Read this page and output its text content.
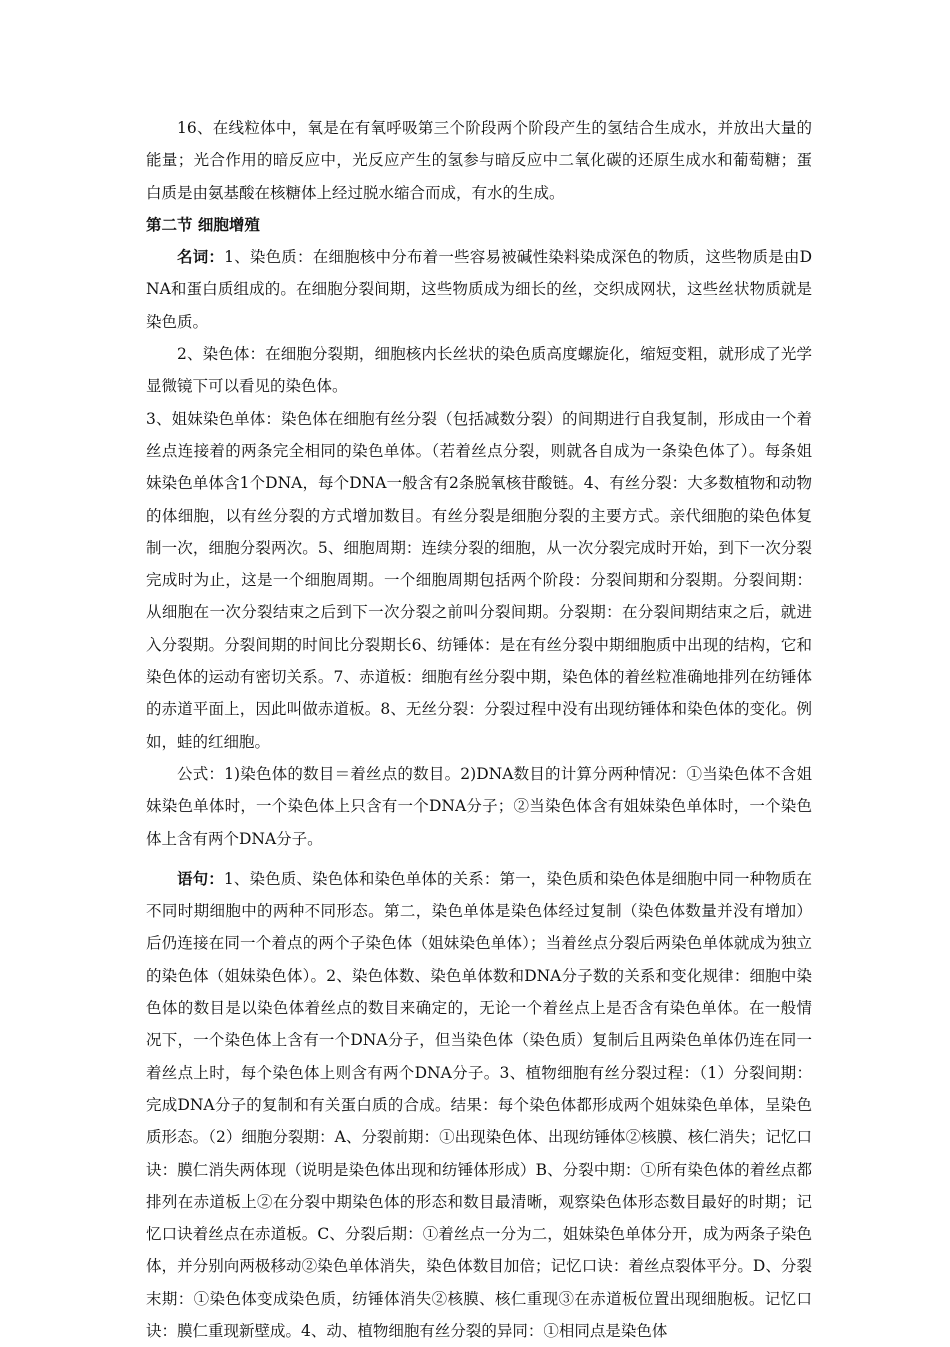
16、在线粒体中，氧是在有氧呼吸第三个阶段两个阶段产生的氢结合生成水，并放出大量的能量；光合作用的暗反应中，光反应产生的氢参与暗反应中二氧化碳的还原生成水和葡萄糖；蛋白质是由氨基酸在核糖体上经过脱水缩合而成，有水的生成。

第二节 细胞增殖

名词：1、染色质：在细胞核中分布着一些容易被碱性染料染成深色的物质，这些物质是由DNA和蛋白质组成的。在细胞分裂间期，这些物质成为细长的丝，交织成网状，这些丝状物质就是染色质。

2、染色体：在细胞分裂期，细胞核内长丝状的染色质高度螺旋化，缩短变粗，就形成了光学显微镜下可以看见的染色体。

3、姐妹染色单体：染色体在细胞有丝分裂（包括减数分裂）的间期进行自我复制，形成由一个着丝点连接着的两条完全相同的染色单体。（若着丝点分裂，则就各自成为一条染色体了）。每条姐妹染色单体含1个DNA，每个DNA一般含有2条脱氧核苷酸链。4、有丝分裂：大多数植物和动物的体细胞，以有丝分裂的方式增加数目。有丝分裂是细胞分裂的主要方式。亲代细胞的染色体复制一次，细胞分裂两次。5、细胞周期：连续分裂的细胞，从一次分裂完成时开始，到下一次分裂完成时为止，这是一个细胞周期。一个细胞周期包括两个阶段：分裂间期和分裂期。分裂间期：从细胞在一次分裂结束之后到下一次分裂之前叫分裂间期。分裂期：在分裂间期结束之后，就进入分裂期。分裂间期的时间比分裂期长6、纺锤体：是在有丝分裂中期细胞质中出现的结构，它和染色体的运动有密切关系。7、赤道板：细胞有丝分裂中期，染色体的着丝粒准确地排列在纺锤体的赤道平面上，因此叫做赤道板。8、无丝分裂：分裂过程中没有出现纺锤体和染色体的变化。例如，蛙的红细胞。

公式：1)染色体的数目＝着丝点的数目。2)DNA数目的计算分两种情况：①当染色体不含姐妹染色单体时，一个染色体上只含有一个DNA分子；②当染色体含有姐妹染色单体时，一个染色体上含有两个DNA分子。

语句：1、染色质、染色体和染色单体的关系：第一，染色质和染色体是细胞中同一种物质在不同时期细胞中的两种不同形态。第二，染色单体是染色体经过复制（染色体数量并没有增加）后仍连接在同一个着点的两个子染色体（姐妹染色单体）；当着丝点分裂后两染色单体就成为独立的染色体（姐妹染色体）。2、染色体数、染色单体数和DNA分子数的关系和变化规律：细胞中染色体的数目是以染色体着丝点的数目来确定的，无论一个着丝点上是否含有染色单体。在一般情况下，一个染色体上含有一个DNA分子，但当染色体（染色质）复制后且两染色单体仍连在同一着丝点上时，每个染色体上则含有两个DNA分子。3、植物细胞有丝分裂过程：（1）分裂间期：完成DNA分子的复制和有关蛋白质的合成。结果：每个染色体都形成两个姐妹染色单体，呈染色质形态。（2）细胞分裂期：A、分裂前期：①出现染色体、出现纺锤体②核膜、核仁消失；记忆口诀：膜仁消失两体现（说明是染色体出现和纺锤体形成）B、分裂中期：①所有染色体的着丝点都排列在赤道板上②在分裂中期染色体的形态和数目最清晰，观察染色体形态数目最好的时期；记忆口诀着丝点在赤道板。C、分裂后期：①着丝点一分为二，姐妹染色单体分开，成为两条子染色体，并分别向两极移动②染色单体消失，染色体数目加倍；记忆口诀：着丝点裂体平分。D、分裂末期：①染色体变成染色质，纺锤体消失②核膜、核仁重现③在赤道板位置出现细胞板。记忆口诀：膜仁重现新壁成。4、动、植物细胞有丝分裂的异同：①相同点是染色体
